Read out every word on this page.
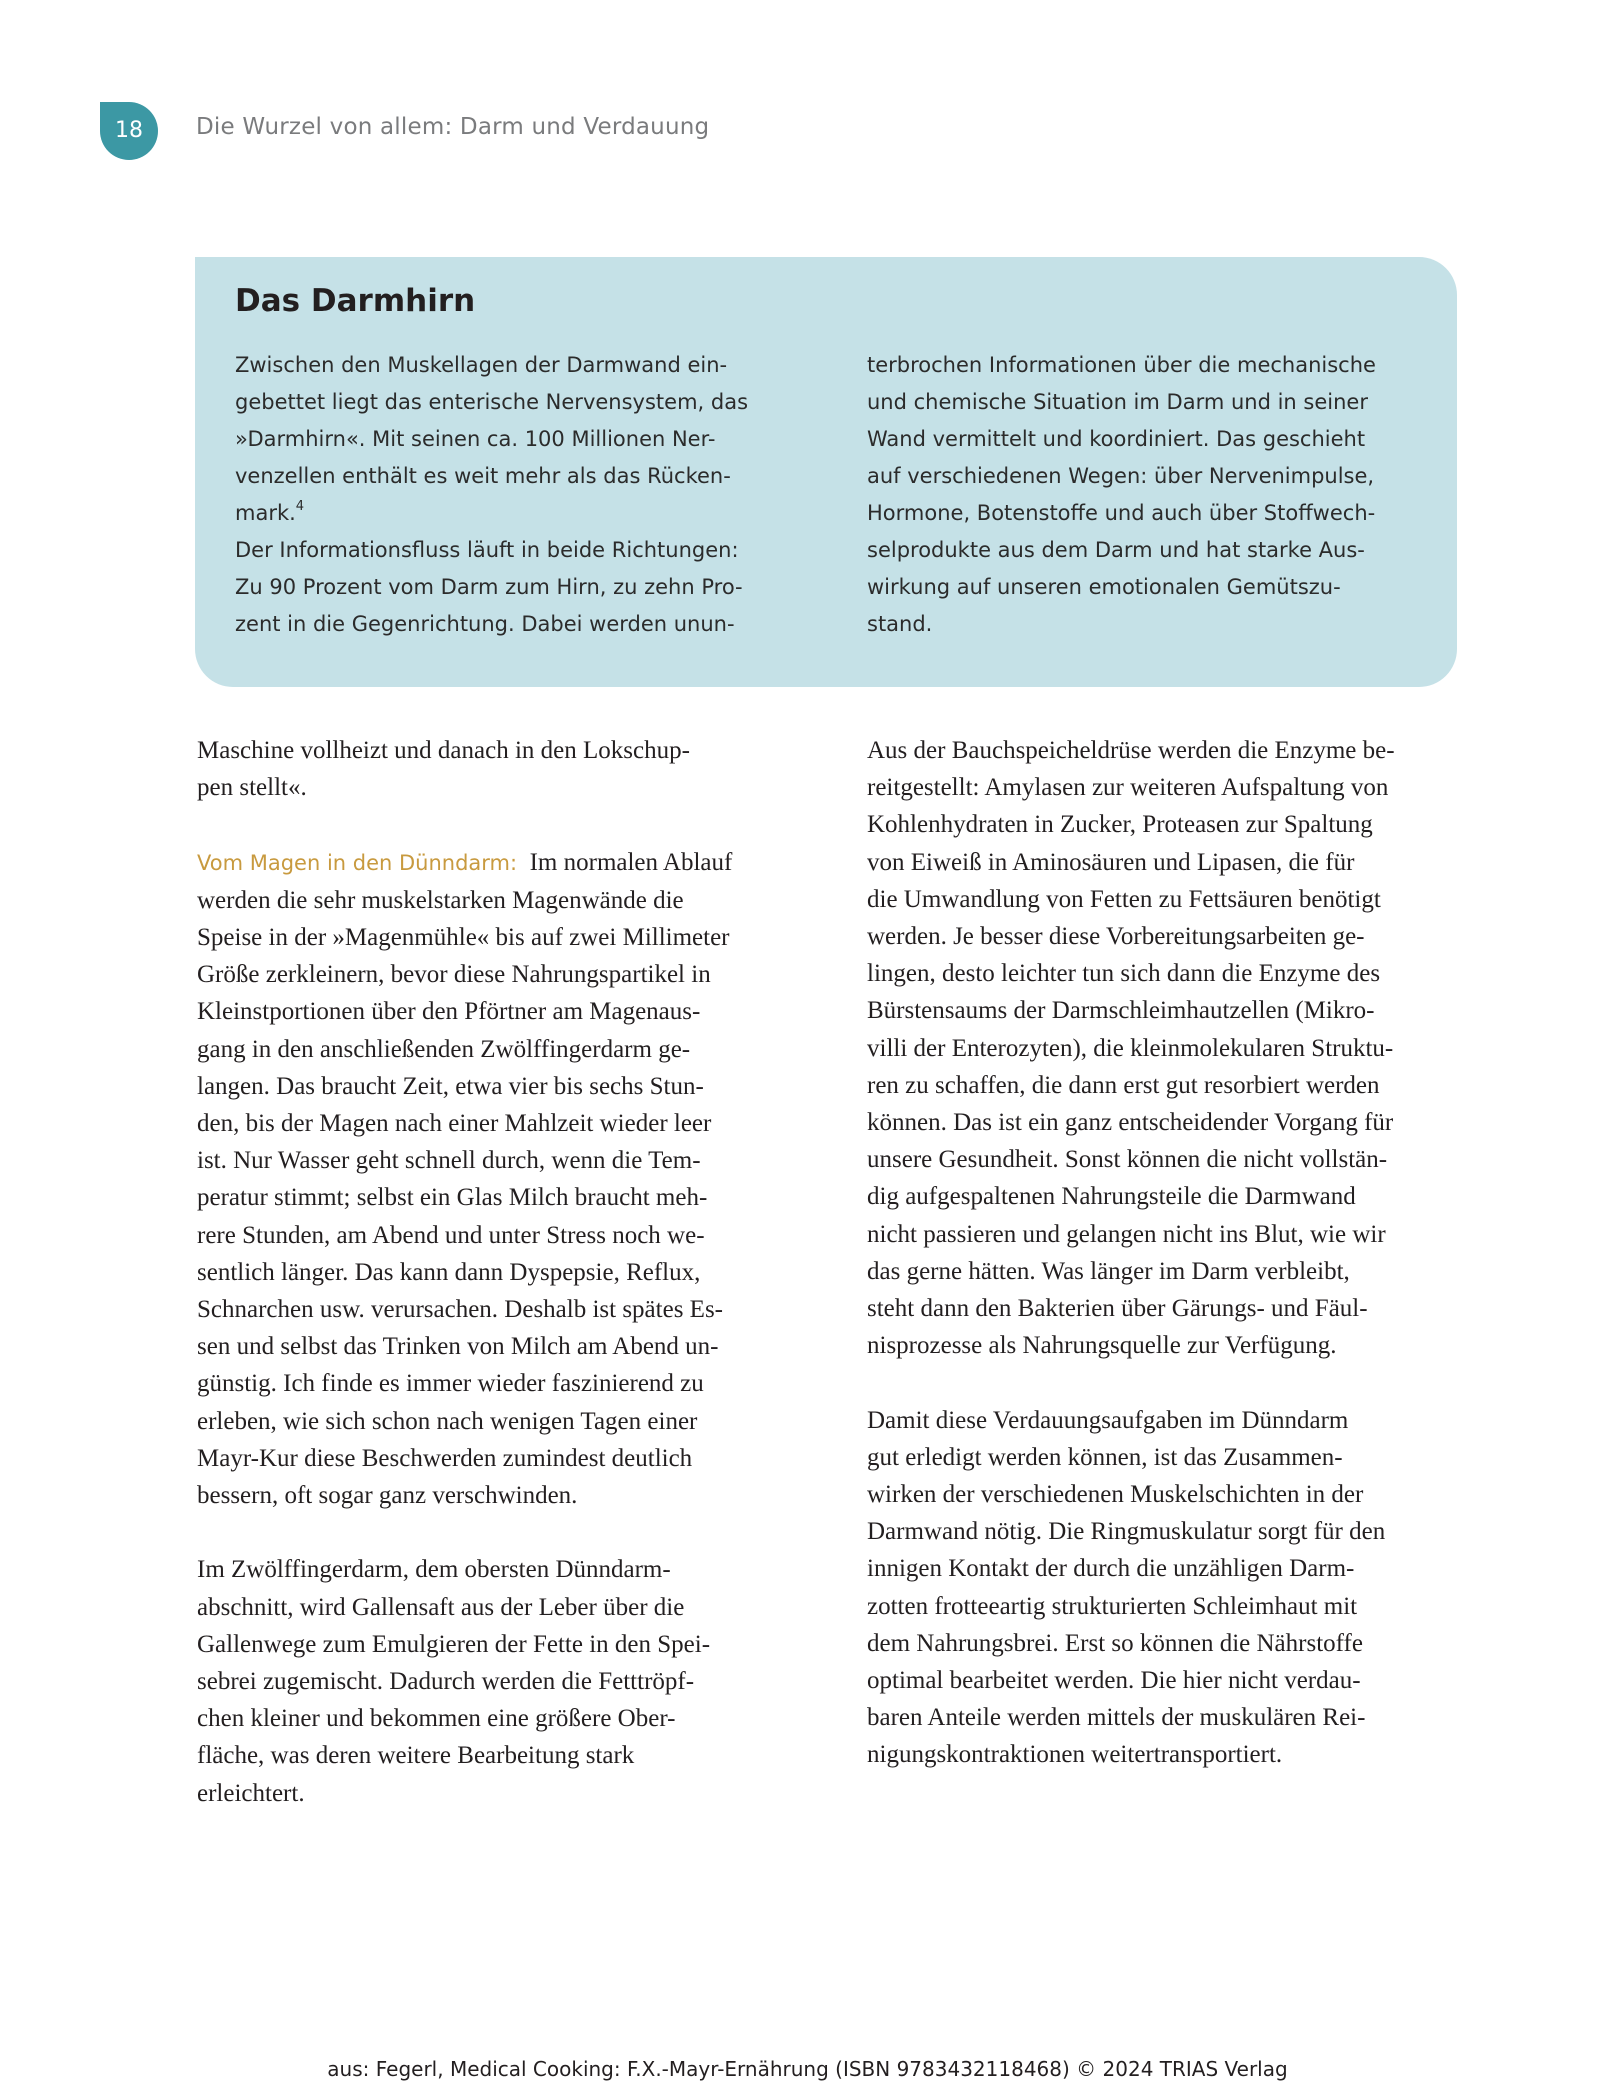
18	Die Wurzel von allem: Darm und Verdauung
Das Darmhirn
Zwischen den Muskellagen der Darmwand ein-
gebettet liegt das enterische Nervensystem, das
»Darmhirn«. Mit seinen ca. 100 Millionen Ner-
venzellen enthält es weit mehr als das Rücken-
mark.$^4$
Der Informationsfluss läuft in beide Richtungen:
Zu 90 Prozent vom Darm zum Hirn, zu zehn Pro-
zent in die Gegenrichtung. Dabei werden unun-
terbrochen Informationen über die mechanische
und chemische Situation im Darm und in seiner
Wand vermittelt und koordiniert. Das geschieht
auf verschiedenen Wegen: über Nervenimpulse,
Hormone, Botenstoffe und auch über Stoffwech-
selprodukte aus dem Darm und hat starke Aus-
wirkung auf unseren emotionalen Gemütszu-
stand.
Maschine vollheizt und danach in den Lokschup-
pen stellt«.
Vom Magen in den Dünndarm: Im normalen Ablauf
werden die sehr muskelstarken Magenwände die
Speise in der »Magenmühle« bis auf zwei Millimeter
Größe zerkleinern, bevor diese Nahrungspartikel in
Kleinstportionen über den Pförtner am Magenaus-
gang in den anschließenden Zwölffingerdarm ge-
langen. Das braucht Zeit, etwa vier bis sechs Stun-
den, bis der Magen nach einer Mahlzeit wieder leer
ist. Nur Wasser geht schnell durch, wenn die Tem-
peratur stimmt; selbst ein Glas Milch braucht meh-
rere Stunden, am Abend und unter Stress noch we-
sentlich länger. Das kann dann Dyspepsie, Reflux,
Schnarchen usw. verursachen. Deshalb ist spätes Es-
sen und selbst das Trinken von Milch am Abend un-
günstig. Ich finde es immer wieder faszinierend zu
erleben, wie sich schon nach wenigen Tagen einer
Mayr-Kur diese Beschwerden zumindest deutlich
bessern, oft sogar ganz verschwinden.
Im Zwölffingerdarm, dem obersten Dünndarm-
abschnitt, wird Gallensaft aus der Leber über die
Gallenwege zum Emulgieren der Fette in den Spei-
sebrei zugemischt. Dadurch werden die Fetttröpf-
chen kleiner und bekommen eine größere Ober-
fläche, was deren weitere Bearbeitung stark
erleichtert.
Aus der Bauchspeicheldrüse werden die Enzyme be-
reitgestellt: Amylasen zur weiteren Aufspaltung von
Kohlenhydraten in Zucker, Proteasen zur Spaltung
von Eiweiß in Aminosäuren und Lipasen, die für
die Umwandlung von Fetten zu Fettsäuren benötigt
werden. Je besser diese Vorbereitungsarbeiten ge-
lingen, desto leichter tun sich dann die Enzyme des
Bürstensaums der Darmschleimhautzellen (Mikro-
villi der Enterozyten), die kleinmolekularen Struktu-
ren zu schaffen, die dann erst gut resorbiert werden
können. Das ist ein ganz entscheidender Vorgang für
unsere Gesundheit. Sonst können die nicht vollstän-
dig aufgespaltenen Nahrungsteile die Darmwand
nicht passieren und gelangen nicht ins Blut, wie wir
das gerne hätten. Was länger im Darm verbleibt,
steht dann den Bakterien über Gärungs- und Fäul-
nisprozesse als Nahrungsquelle zur Verfügung.
Damit diese Verdauungsaufgaben im Dünndarm
gut erledigt werden können, ist das Zusammen-
wirken der verschiedenen Muskelschichten in der
Darmwand nötig. Die Ringmuskulatur sorgt für den
innigen Kontakt der durch die unzähligen Darm-
zotten frotteeartig strukturierten Schleimhaut mit
dem Nahrungsbrei. Erst so können die Nährstoffe
optimal bearbeitet werden. Die hier nicht verdau-
baren Anteile werden mittels der muskulären Rei-
nigungskontraktionen weitertransportiert.
aus: Fegerl, Medical Cooking: F.X.-Mayr-Ernährung (ISBN 9783432118468) © 2024 TRIAS Verlag
